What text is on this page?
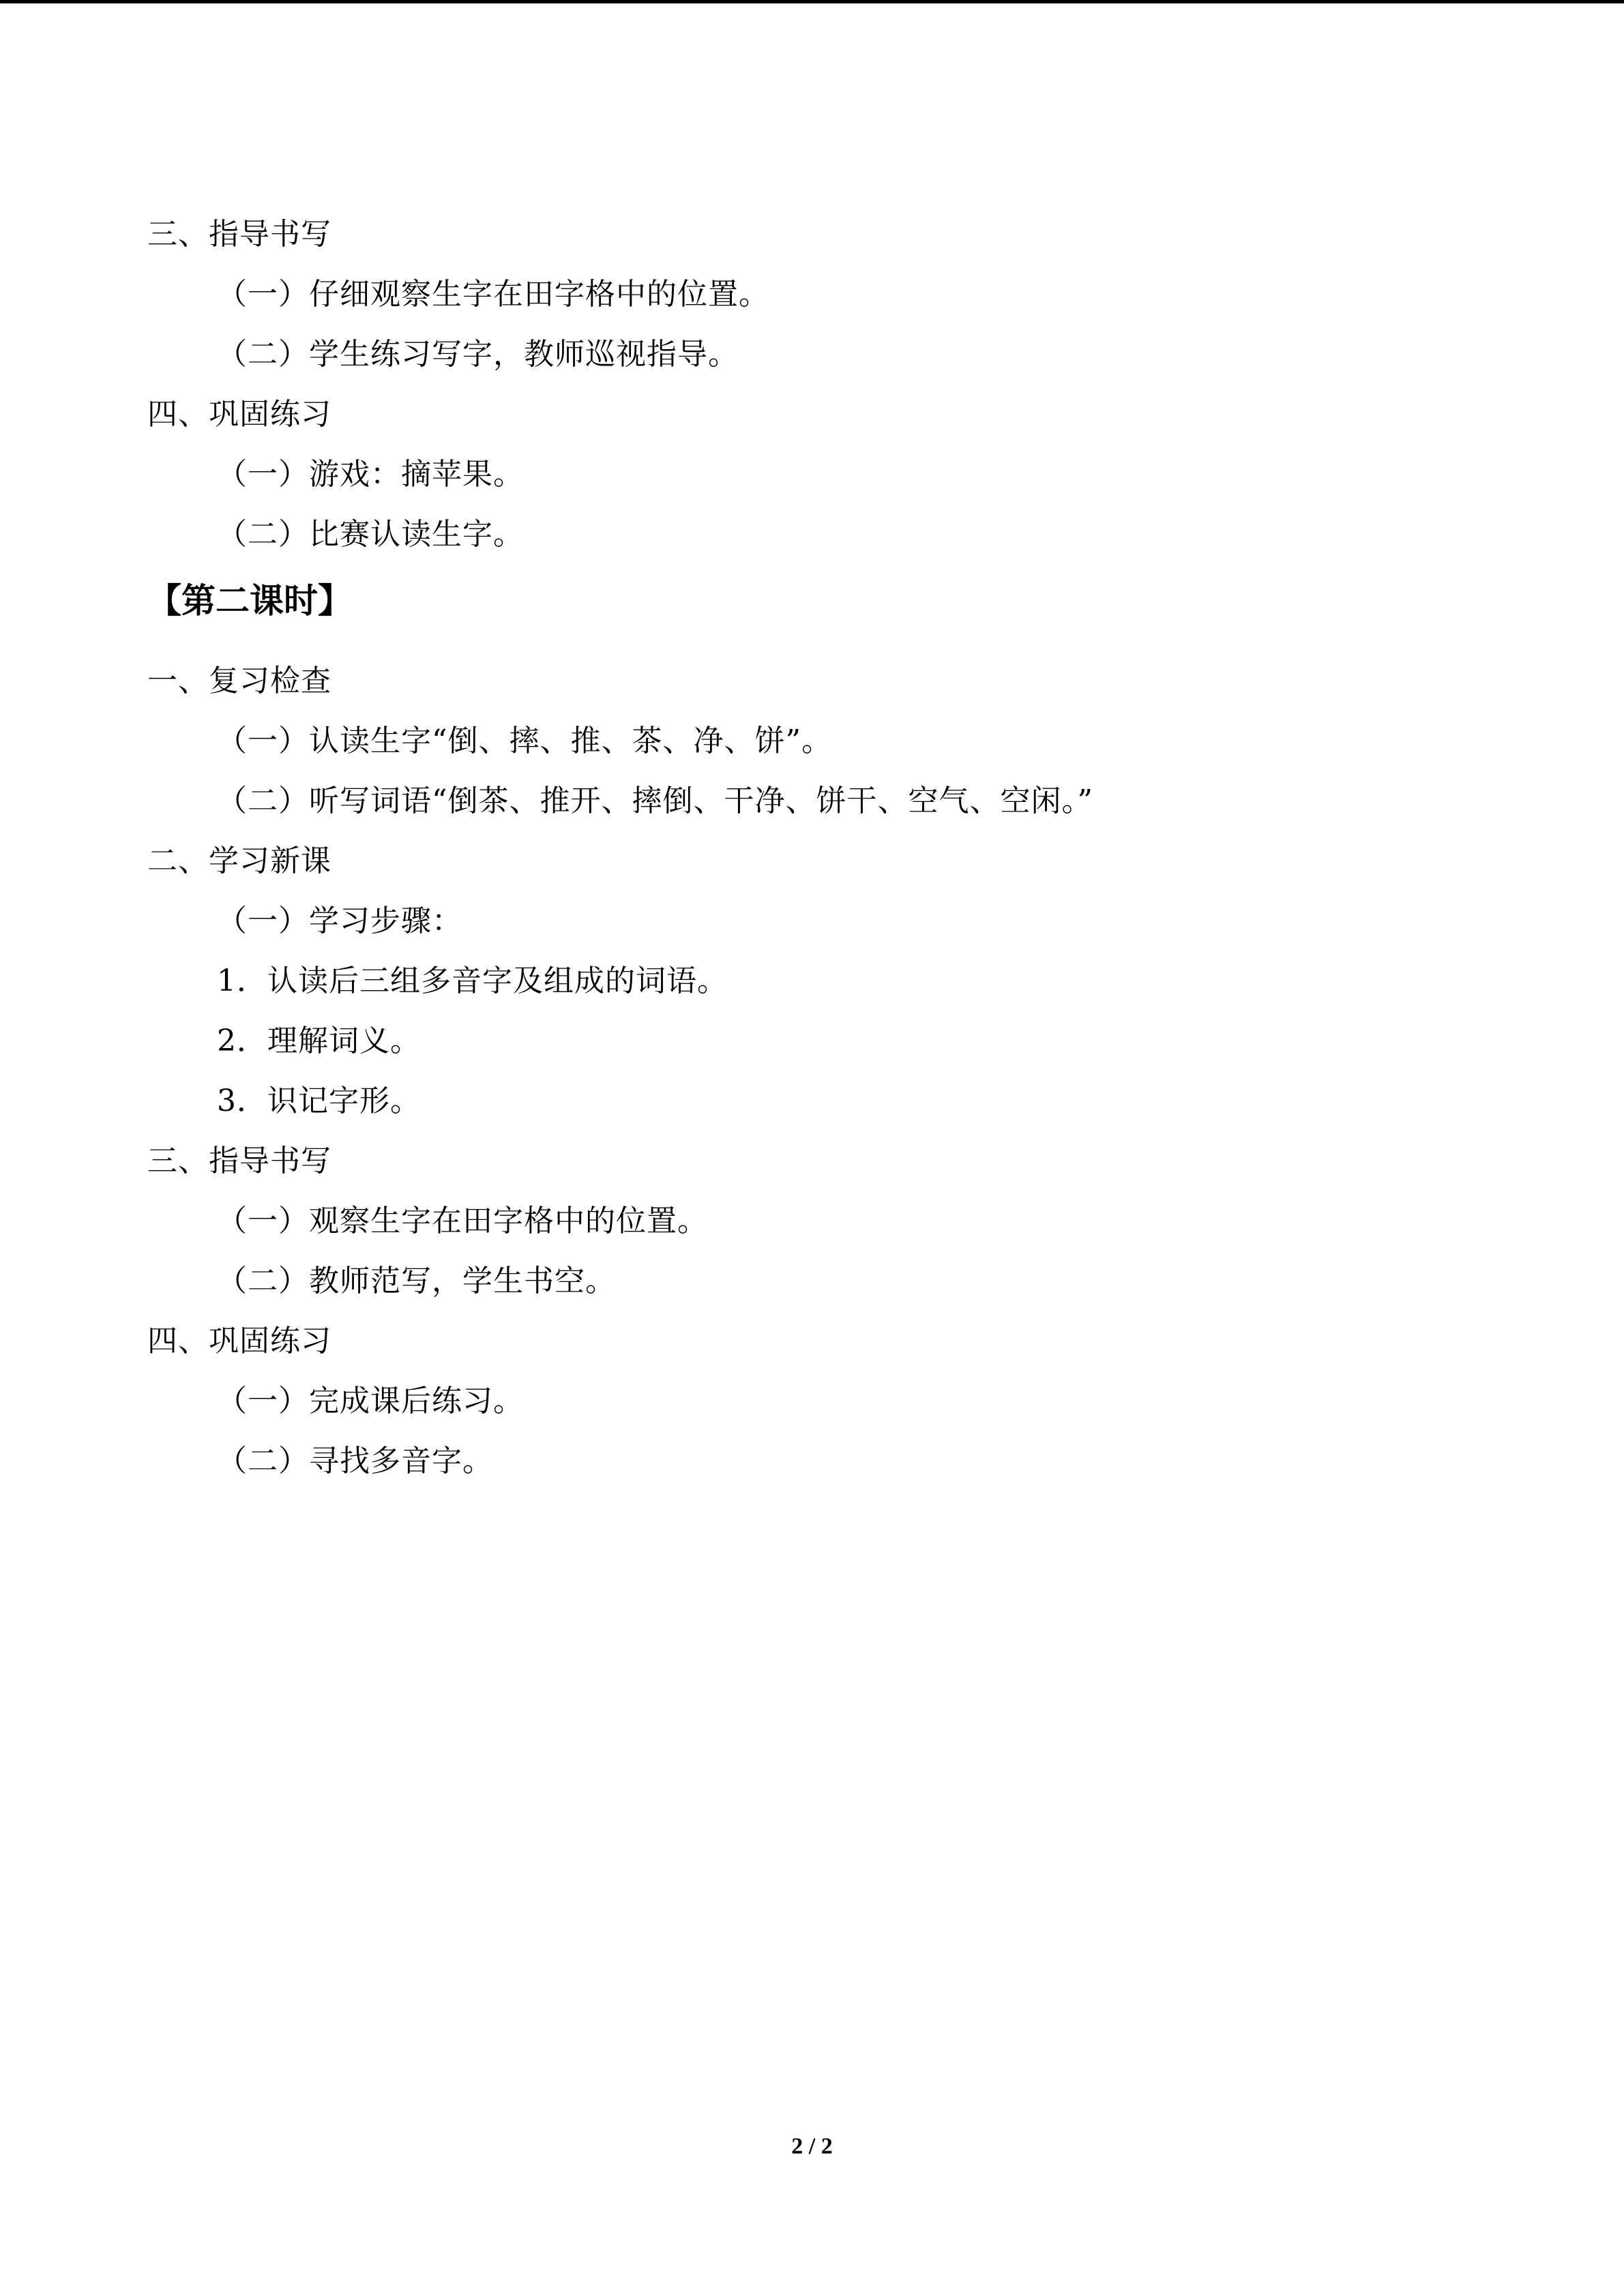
三、指导书写
（一）仔细观察生字在田字格中的位置。
（二）学生练习写字，教师巡视指导。
四、巩固练习
（一）游戏：摘苹果。
（二）比赛认读生字。
【第二课时】
一、复习检查
（一）认读生字“倒、摔、推、茶、净、饼”。
（二）听写词语“倒茶、推开、摔倒、干净、饼干、空气、空闲。”
二、学习新课
（一）学习步骤：
1．认读后三组多音字及组成的词语。
2．理解词义。
3．识记字形。
三、指导书写
（一）观察生字在田字格中的位置。
（二）教师范写，学生书空。
四、巩固练习
（一）完成课后练习。
（二）寻找多音字。
2 / 2
